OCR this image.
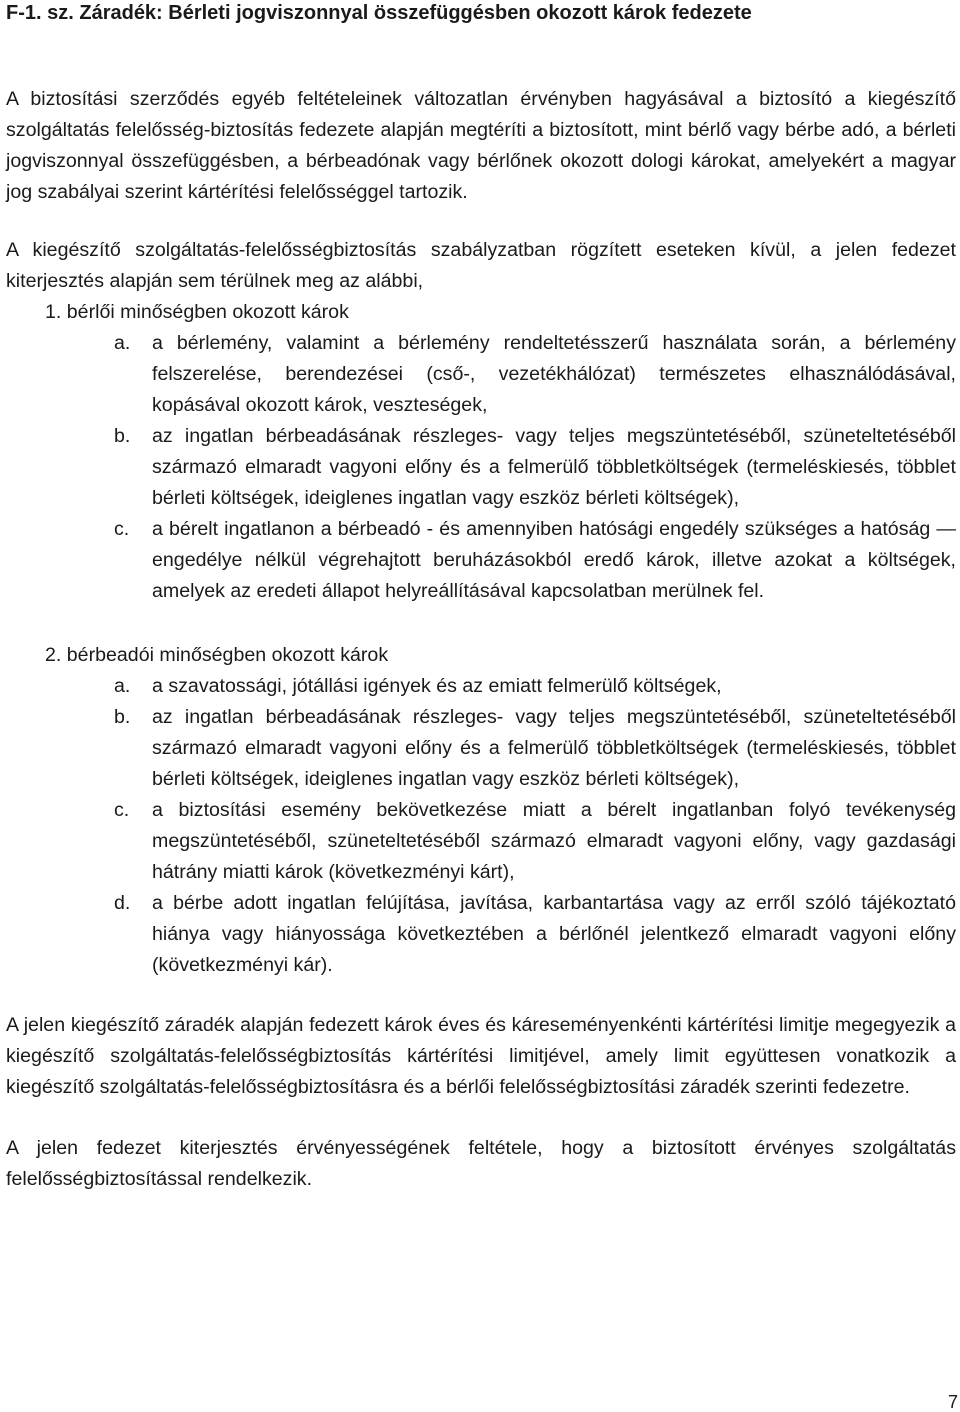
F-1. sz. Záradék: Bérleti jogviszonnyal összefüggésben okozott károk fedezete

A biztosítási szerződés egyéb feltételeinek változatlan érvényben hagyásával a biztosító a kiegészítő szolgáltatás felelősség-biztosítás fedezete alapján megtéríti a biztosított, mint bérlő vagy bérbe adó, a bérleti jogviszonnyal összefüggésben, a bérbeadónak vagy bérlőnek okozott dologi károkat, amelyekért a magyar jog szabályai szerint kártérítési felelősséggel tartozik.

A kiegészítő szolgáltatás-felelősségbiztosítás szabályzatban rögzített eseteken kívül, a jelen fedezet kiterjesztés alapján sem térülnek meg az alábbi,

1. bérlői minőségben okozott károk
a.	a bérlemény, valamint a bérlemény rendeltetésszerű használata során, a bérlemény felszerelése, berendezései (cső-, vezetékhálózat) természetes elhasználódásával, kopásával okozott károk, veszteségek,
b.	az ingatlan bérbeadásának részleges- vagy teljes megszüntetéséből, szüneteltetéséből származó elmaradt vagyoni előny és a felmerülő többletköltségek (termeléskiesés, többlet bérleti költségek, ideiglenes ingatlan vagy eszköz bérleti költségek),
c.	a bérelt ingatlanon a bérbeadó - és amennyiben hatósági engedély szükséges a hatóság — engedélye nélkül végrehajtott beruházásokból eredő károk, illetve azokat a költségek, amelyek az eredeti állapot helyreállításával kapcsolatban merülnek fel.
2. bérbeadói minőségben okozott károk
a.	a szavatossági, jótállási igények és az emiatt felmerülő költségek,
b.	az ingatlan bérbeadásának részleges- vagy teljes megszüntetéséből, szüneteltetéséből származó elmaradt vagyoni előny és a felmerülő többletköltségek (termeléskiesés, többlet bérleti költségek, ideiglenes ingatlan vagy eszköz bérleti költségek),
c.	a biztosítási esemény bekövetkezése miatt a bérelt ingatlanban folyó tevékenység megszüntetéséből, szüneteltetéséből származó elmaradt vagyoni előny, vagy gazdasági hátrány miatti károk (következményi kárt),
d.	a bérbe adott ingatlan felújítása, javítása, karbantartása vagy az erről szóló tájékoztató hiánya vagy hiányossága következtében a bérlőnél jelentkező elmaradt vagyoni előny (következményi kár).

A jelen kiegészítő záradék alapján fedezett károk éves és káreseményenkénti kártérítési limitje megegyezik a kiegészítő szolgáltatás-felelősségbiztosítás kártérítési limitjével, amely limit együttesen vonatkozik a kiegészítő szolgáltatás-felelősségbiztosításra és a bérlői felelősségbiztosítási záradék szerinti fedezetre.

A jelen fedezet kiterjesztés érvényességének feltétele, hogy a biztosított érvényes szolgáltatás felelősségbiztosítással rendelkezik.

7
